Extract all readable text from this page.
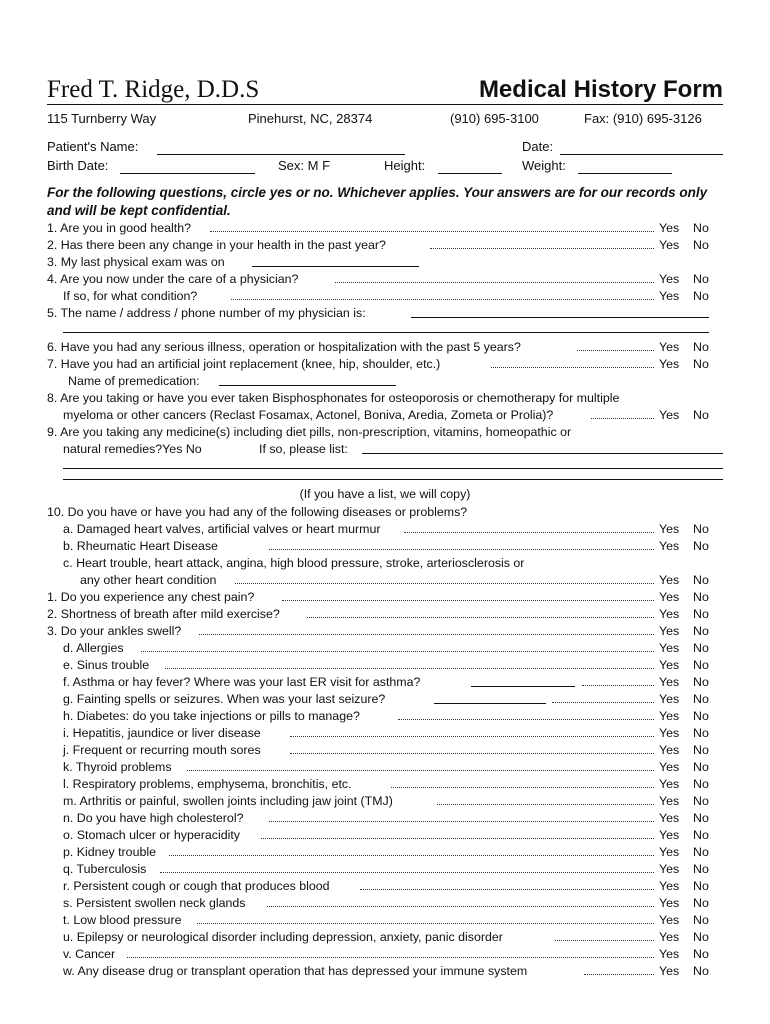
Fred T. Ridge, D.D.S	Medical History Form
115 Turnberry Way	Pinehurst, NC, 28374	(910) 695-3100	Fax: (910) 695-3126
Patient's Name:	Date:
Birth Date:	Sex: M F	Height:	Weight:
For the following questions, circle yes or no. Whichever applies. Your answers are for our records only and will be kept confidential.
1. Are you in good health?	Yes No
2. Has there been any change in your health in the past year?	Yes No
3. My last physical exam was on
4. Are you now under the care of a physician?	Yes No
If so, for what condition?	Yes No
5. The name / address / phone number of my physician is:
6. Have you had any serious illness, operation or hospitalization with the past 5 years?	Yes No
7. Have you had an artificial joint replacement (knee, hip, shoulder, etc.)	Yes No
Name of premedication:
8. Are you taking or have you ever taken Bisphosphonates for osteoporosis or chemotherapy for multiple
myeloma or other cancers (Reclast Fosamax, Actonel, Boniva, Aredia, Zometa or Prolia)?	Yes No
9. Are you taking any medicine(s) including diet pills, non-prescription, vitamins, homeopathic or
natural remedies?Yes No	If so, please list:
(If you have a list, we will copy)
10. Do you have or have you had any of the following diseases or problems?
a. Damaged heart valves, artificial valves or heart murmur	Yes No
b. Rheumatic Heart Disease	Yes No
c. Heart trouble, heart attack, angina, high blood pressure, stroke, arteriosclerosis or
any other heart condition	Yes No
1. Do you experience any chest pain?	Yes No
2. Shortness of breath after mild exercise?	Yes No
3. Do your ankles swell?	Yes No
d. Allergies	Yes No
e. Sinus trouble	Yes No
f. Asthma or hay fever? Where was your last ER visit for asthma?	Yes No
g. Fainting spells or seizures. When was your last seizure?	Yes No
h. Diabetes: do you take injections or pills to manage?	Yes No
i. Hepatitis, jaundice or liver disease	Yes No
j. Frequent or recurring mouth sores	Yes No
k. Thyroid problems	Yes No
l. Respiratory problems, emphysema, bronchitis, etc.	Yes No
m. Arthritis or painful, swollen joints including jaw joint (TMJ)	Yes No
n. Do you have high cholesterol?	Yes No
o. Stomach ulcer or hyperacidity	Yes No
p. Kidney trouble	Yes No
q. Tuberculosis	Yes No
r. Persistent cough or cough that produces blood	Yes No
s. Persistent swollen neck glands	Yes No
t. Low blood pressure	Yes No
u. Epilepsy or neurological disorder including depression, anxiety, panic disorder	Yes No
v. Cancer	Yes No
w. Any disease drug or transplant operation that has depressed your immune system	Yes No
